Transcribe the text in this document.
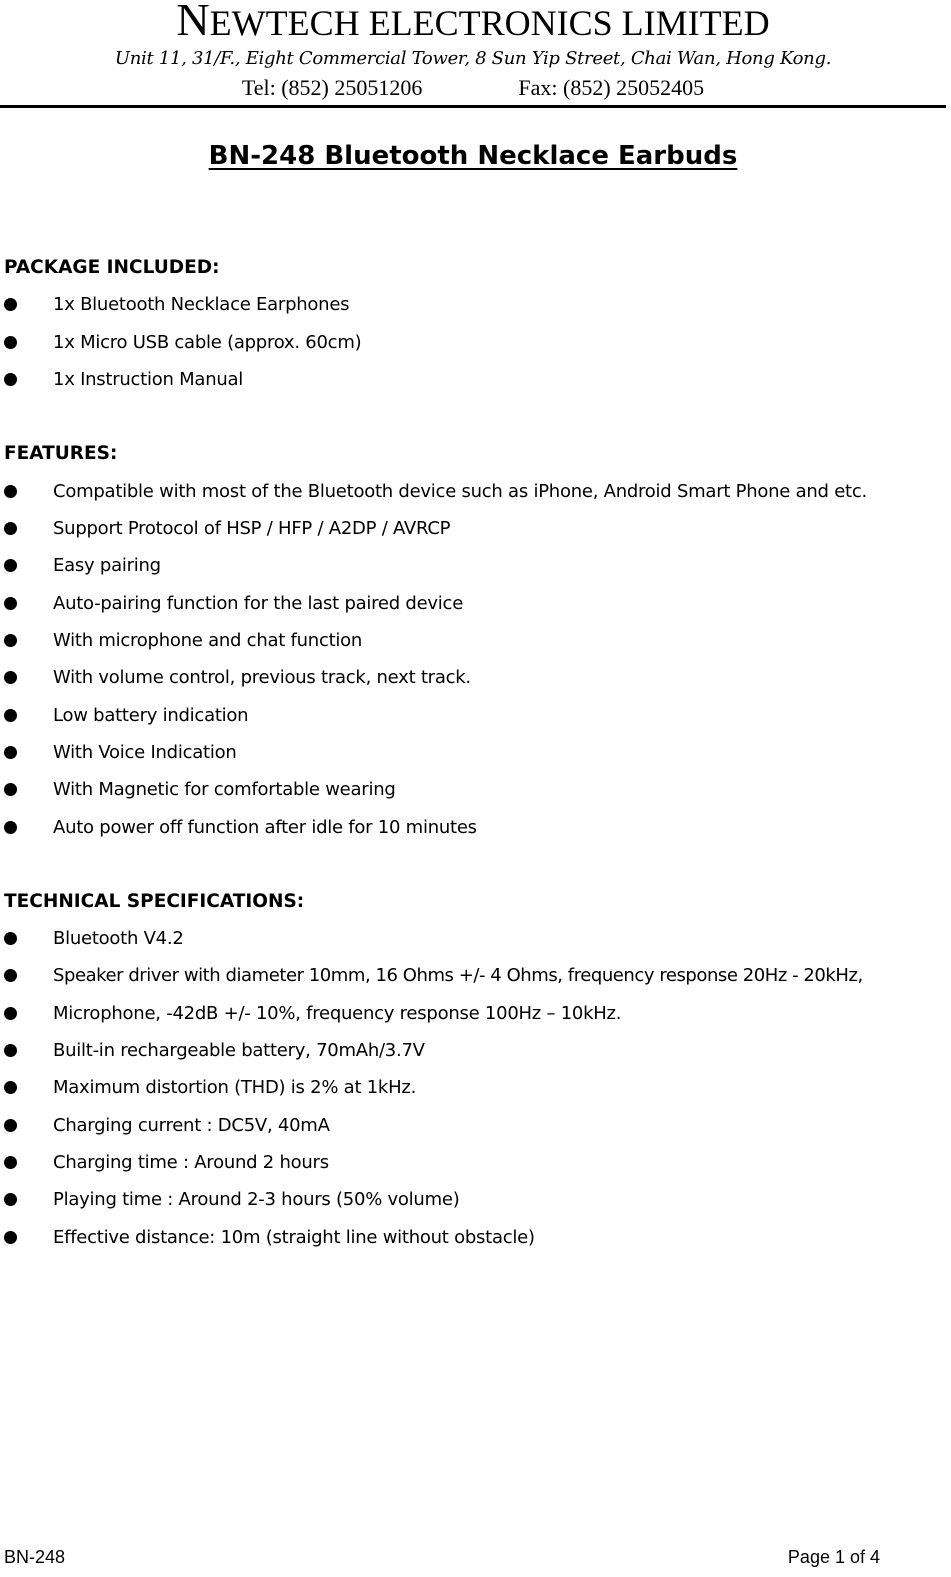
NEWTECH ELECTRONICS LIMITED
Unit 11, 31/F., Eight Commercial Tower, 8 Sun Yip Street, Chai Wan, Hong Kong.
Tel: (852) 25051206	Fax: (852) 25052405
BN-248 Bluetooth Necklace Earbuds
PACKAGE INCLUDED:
1x Bluetooth Necklace Earphones
1x Micro USB cable (approx. 60cm)
1x Instruction Manual
FEATURES:
Compatible with most of the Bluetooth device such as iPhone, Android Smart Phone and etc.
Support Protocol of HSP / HFP / A2DP / AVRCP
Easy pairing
Auto-pairing function for the last paired device
With microphone and chat function
With volume control, previous track, next track.
Low battery indication
With Voice Indication
With Magnetic for comfortable wearing
Auto power off function after idle for 10 minutes
TECHNICAL SPECIFICATIONS:
Bluetooth V4.2
Speaker driver with diameter 10mm, 16 Ohms +/- 4 Ohms, frequency response 20Hz - 20kHz,
Microphone, -42dB +/- 10%, frequency response 100Hz – 10kHz.
Built-in rechargeable battery, 70mAh/3.7V
Maximum distortion (THD) is 2% at 1kHz.
Charging current : DC5V, 40mA
Charging time : Around 2 hours
Playing time : Around 2-3 hours (50% volume)
Effective distance: 10m (straight line without obstacle)
BN-248	Page 1 of 4
